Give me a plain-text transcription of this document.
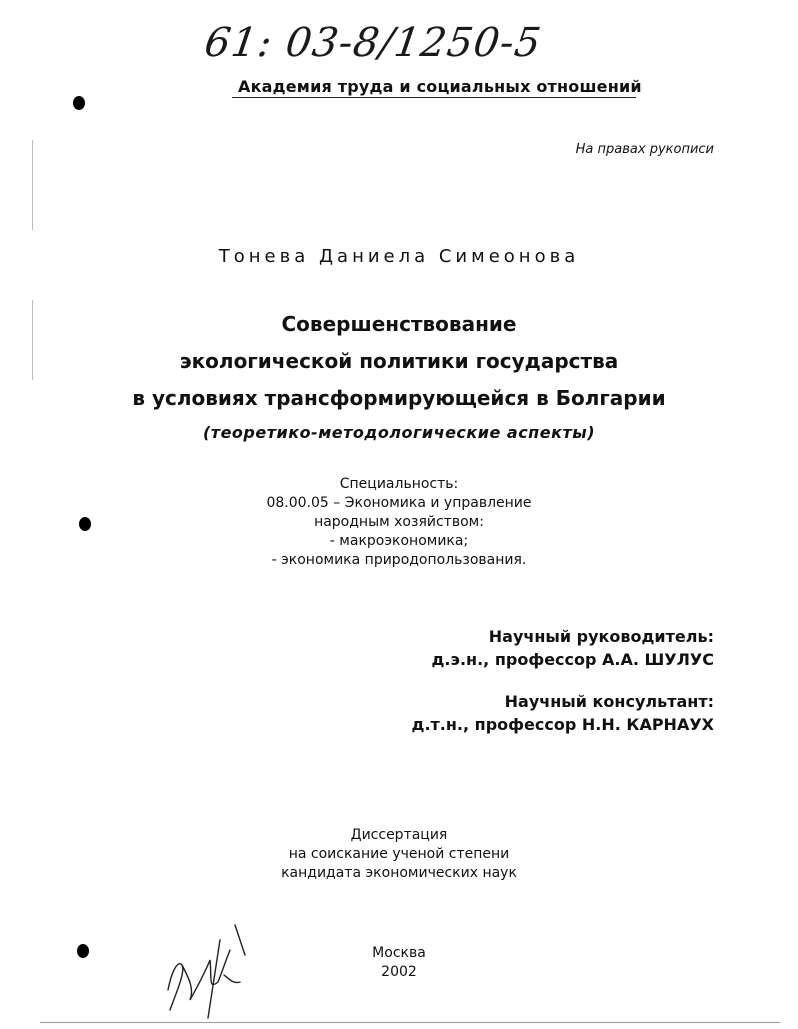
61: 03-8/1250-5
Академия труда и социальных отношений
На правах рукописи
Тонева Даниела Симеонова
Совершенствование
экологической политики государства
в условиях трансформирующейся в Болгарии
(теоретико-методологические аспекты)
Специальность:
08.00.05 – Экономика и управление
народным хозяйством:
- макроэкономика;
- экономика природопользования.
Научный руководитель:
д.э.н., профессор А.А. ШУЛУС
Научный консультант:
д.т.н., профессор Н.Н. КАРНАУХ
Диссертация
на соискание ученой степени
кандидата экономических наук
Москва
2002
